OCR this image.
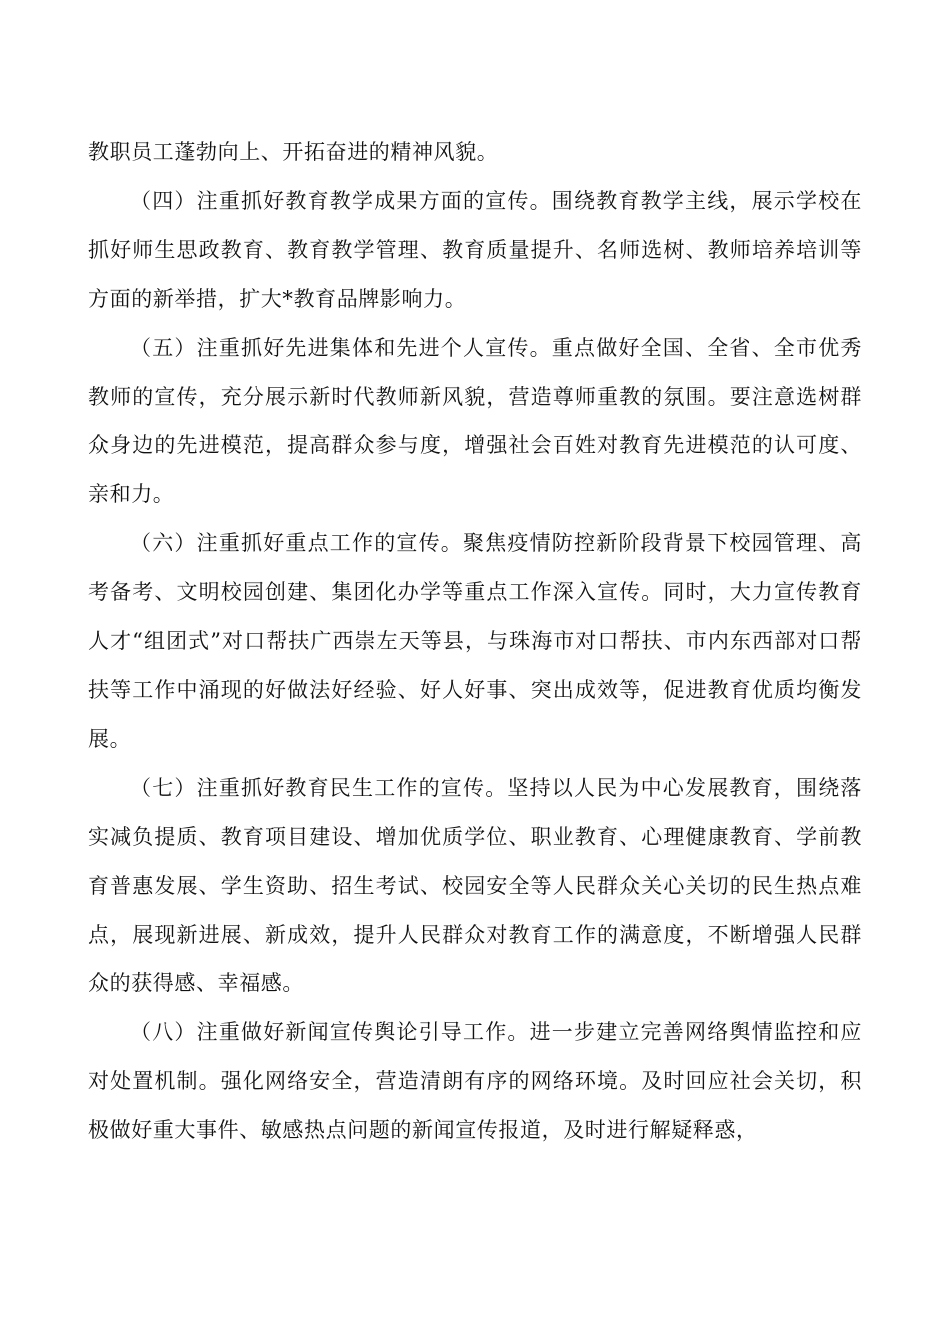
教职员工蓬勃向上、开拓奋进的精神风貌。

（四）注重抓好教育教学成果方面的宣传。围绕教育教学主线，展示学校在抓好师生思政教育、教育教学管理、教育质量提升、名师选树、教师培养培训等方面的新举措，扩大*教育品牌影响力。

（五）注重抓好先进集体和先进个人宣传。重点做好全国、全省、全市优秀教师的宣传，充分展示新时代教师新风貌，营造尊师重教的氛围。要注意选树群众身边的先进模范，提高群众参与度，增强社会百姓对教育先进模范的认可度、亲和力。

（六）注重抓好重点工作的宣传。聚焦疫情防控新阶段背景下校园管理、高考备考、文明校园创建、集团化办学等重点工作深入宣传。同时，大力宣传教育人才“组团式”对口帮扶广西崇左天等县，与珠海市对口帮扶、市内东西部对口帮扶等工作中涌现的好做法好经验、好人好事、突出成效等，促进教育优质均衡发展。

（七）注重抓好教育民生工作的宣传。坚持以人民为中心发展教育，围绕落实减负提质、教育项目建设、增加优质学位、职业教育、心理健康教育、学前教育普惠发展、学生资助、招生考试、校园安全等人民群众关心关切的民生热点难点，展现新进展、新成效，提升人民群众对教育工作的满意度，不断增强人民群众的获得感、幸福感。

（八）注重做好新闻宣传舆论引导工作。进一步建立完善网络舆情监控和应对处置机制。强化网络安全，营造清朗有序的网络环境。及时回应社会关切，积极做好重大事件、敏感热点问题的新闻宣传报道，及时进行解疑释惑，
